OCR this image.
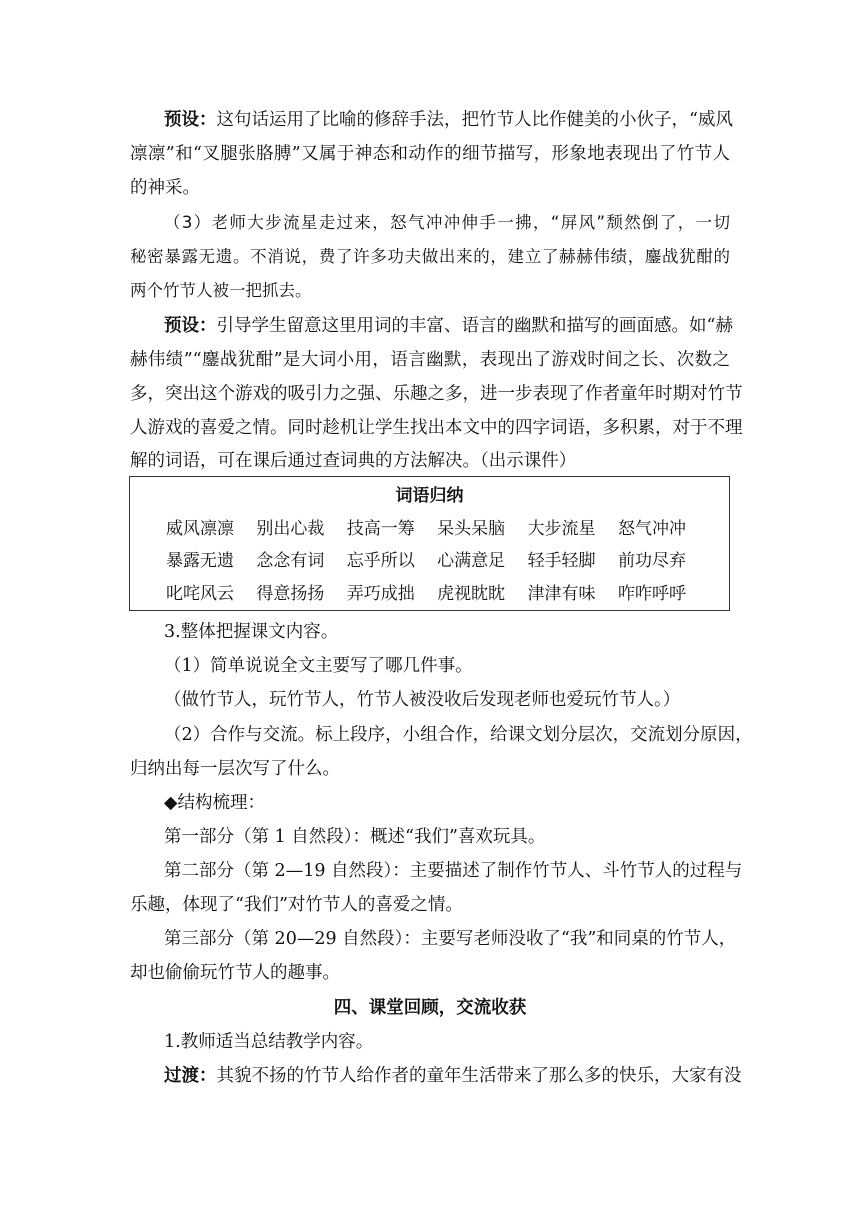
预设：这句话运用了比喻的修辞手法，把竹节人比作健美的小伙子，“威风
凛凛”和“叉腿张胳膊”又属于神态和动作的细节描写，形象地表现出了竹节人
的神采。
（3）老师大步流星走过来，怒气冲冲伸手一拂，“屏风”颓然倒了，一切
秘密暴露无遗。不消说，费了许多功夫做出来的，建立了赫赫伟绩，鏖战犹酣的
两个竹节人被一把抓去。
预设：引导学生留意这里用词的丰富、语言的幽默和描写的画面感。如“赫
赫伟绩”“鏖战犹酣”是大词小用，语言幽默，表现出了游戏时间之长、次数之
多，突出这个游戏的吸引力之强、乐趣之多，进一步表现了作者童年时期对竹节
人游戏的喜爱之情。同时趁机让学生找出本文中的四字词语，多积累，对于不理
解的词语，可在课后通过查词典的方法解决。（出示课件）
词语归纳
威风凛凛 别出心裁 技高一筹 呆头呆脑 大步流星 怒气冲冲
暴露无遗 念念有词 忘乎所以 心满意足 轻手轻脚 前功尽弃
叱咤风云 得意扬扬 弄巧成拙 虎视眈眈 津津有味 咋咋呼呼
3.整体把握课文内容。
（1）简单说说全文主要写了哪几件事。
（做竹节人，玩竹节人，竹节人被没收后发现老师也爱玩竹节人。）
（2）合作与交流。标上段序，小组合作，给课文划分层次，交流划分原因，
归纳出每一层次写了什么。
◆结构梳理：
第一部分（第 1 自然段）：概述“我们”喜欢玩具。
第二部分（第 2—19 自然段）：主要描述了制作竹节人、斗竹节人的过程与
乐趣，体现了“我们”对竹节人的喜爱之情。
第三部分（第 20—29 自然段）：主要写老师没收了“我”和同桌的竹节人，
却也偷偷玩竹节人的趣事。
四、课堂回顾，交流收获
1.教师适当总结教学内容。
过渡：其貌不扬的竹节人给作者的童年生活带来了那么多的快乐，大家有没
